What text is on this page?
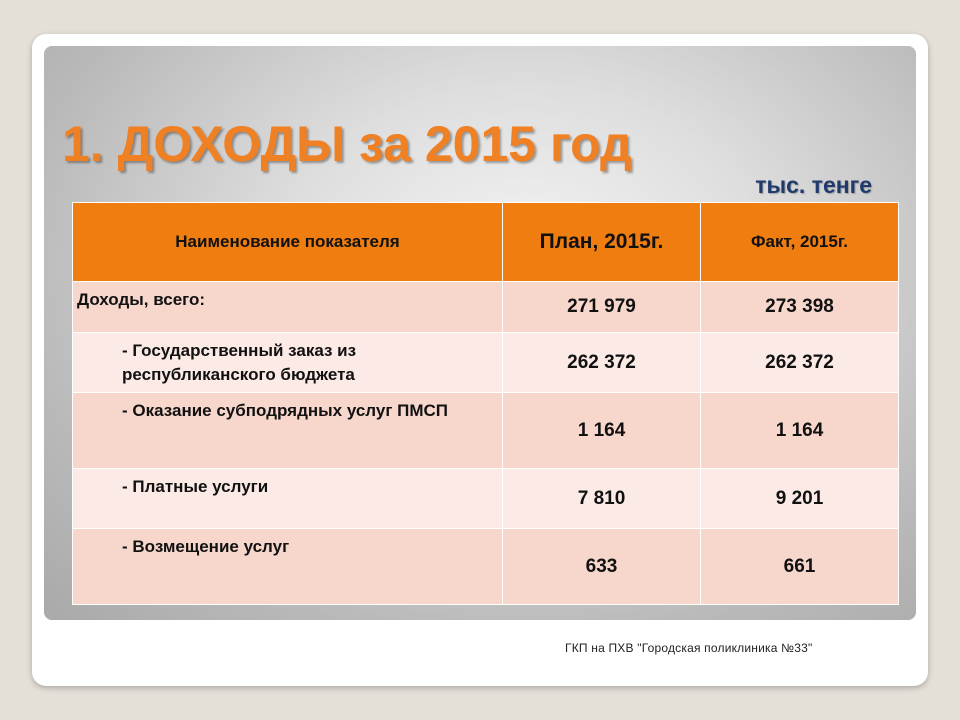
1. ДОХОДЫ за 2015 год
тыс. тенге
Наименование показателя	План, 2015г.	Факт, 2015г.
Доходы, всего:	271 979	273 398
- Государственный заказ из республиканского бюджета	262 372	262 372
- Оказание субподрядных услуг ПМСП	1 164	1 164
- Платные услуги	7 810	9 201
- Возмещение услуг	633	661
ГКП на ПХВ "Городская поликлиника №33"
